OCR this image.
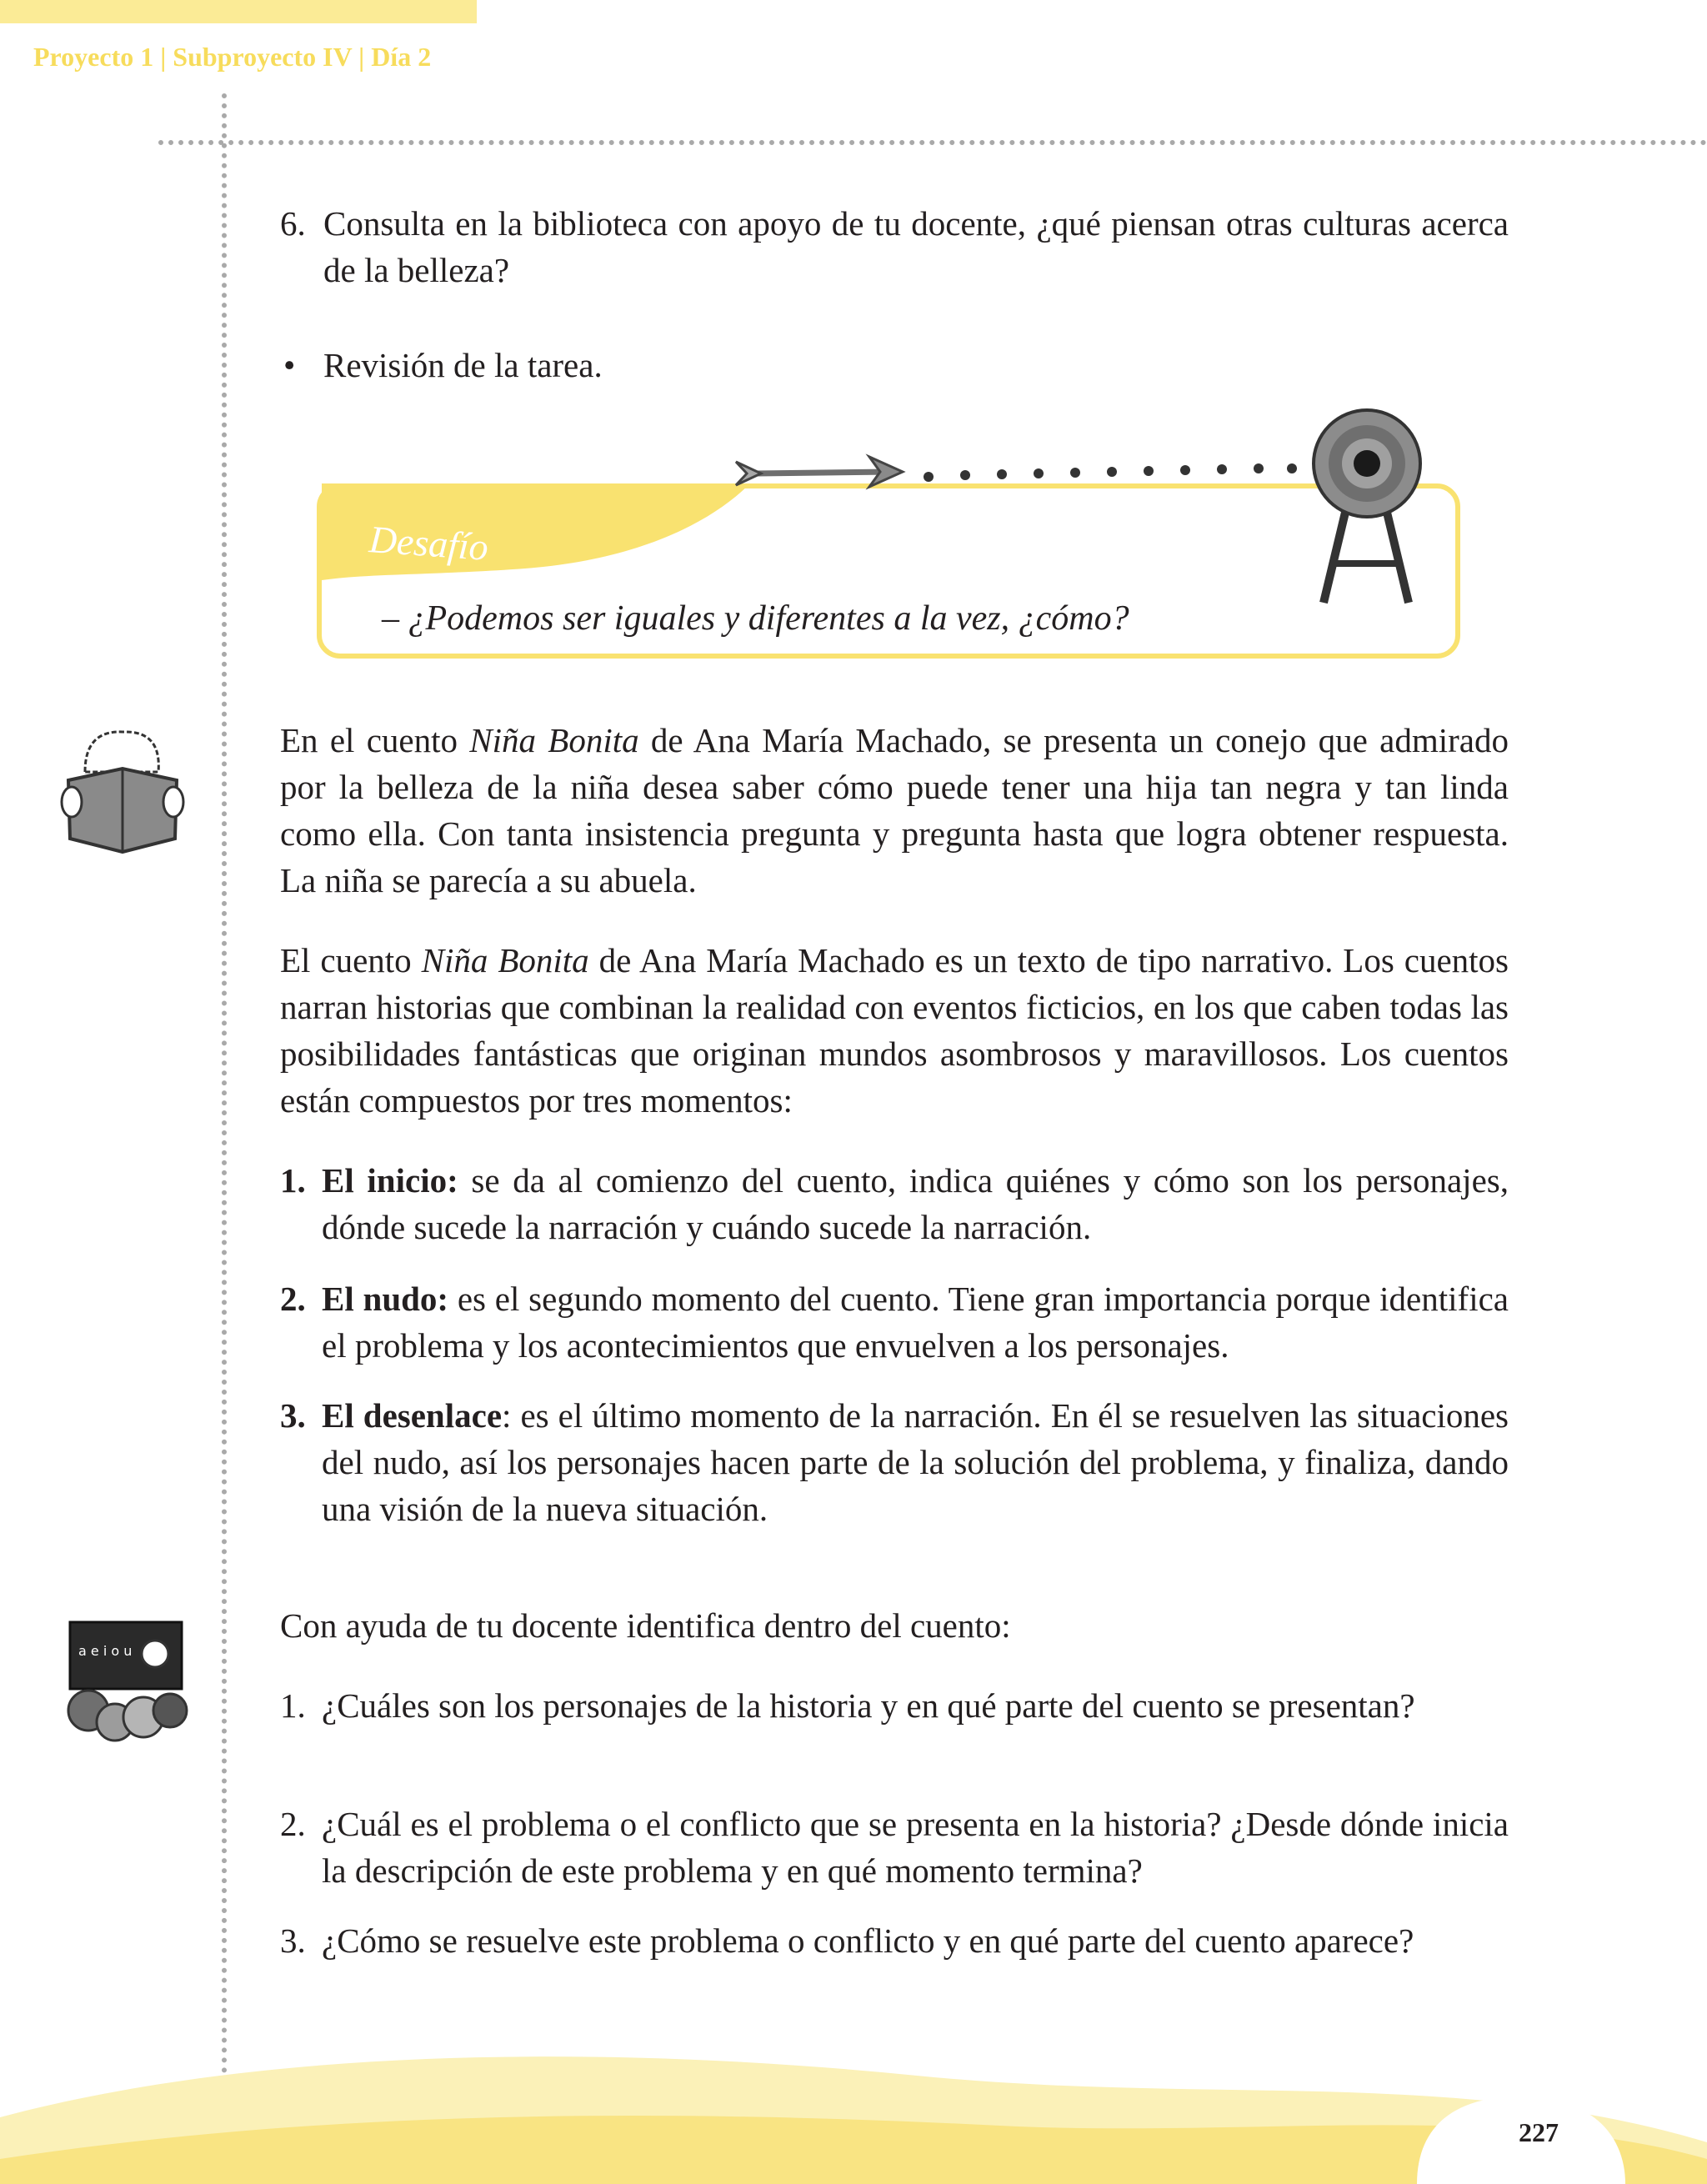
Proyecto 1 | Subproyecto IV | Día 2
6. Consulta en la biblioteca con apoyo de tu docente, ¿qué piensan otras culturas acerca de la belleza?
• Revisión de la tarea.
Desafío
– ¿Podemos ser iguales y diferentes a la vez, ¿cómo?
En el cuento Niña Bonita de Ana María Machado, se presenta un conejo que admirado por la belleza de la niña desea saber cómo puede tener una hija tan negra y tan linda como ella. Con tanta insistencia pregunta y pregunta hasta que logra obtener respuesta. La niña se parecía a su abuela.
El cuento Niña Bonita de Ana María Machado es un texto de tipo narrativo. Los cuentos narran historias que combinan la realidad con eventos ficticios, en los que caben todas las posibilidades fantásticas que originan mundos asombrosos y maravillosos. Los cuentos están compuestos por tres momentos:
1. El inicio: se da al comienzo del cuento, indica quiénes y cómo son los personajes, dónde sucede la narración y cuándo sucede la narración.
2. El nudo: es el segundo momento del cuento. Tiene gran importancia porque identifica el problema y los acontecimientos que envuelven a los personajes.
3. El desenlace: es el último momento de la narración. En él se resuelven las situaciones del nudo, así los personajes hacen parte de la solución del problema, y finaliza, dando una visión de la nueva situación.
a e i o u
Con ayuda de tu docente identifica dentro del cuento:
1. ¿Cuáles son los personajes de la historia y en qué parte del cuento se presentan?
2. ¿Cuál es el problema o el conflicto que se presenta en la historia? ¿Desde dónde inicia la descripción de este problema y en qué momento termina?
3. ¿Cómo se resuelve este problema o conflicto y en qué parte del cuento aparece?
227
